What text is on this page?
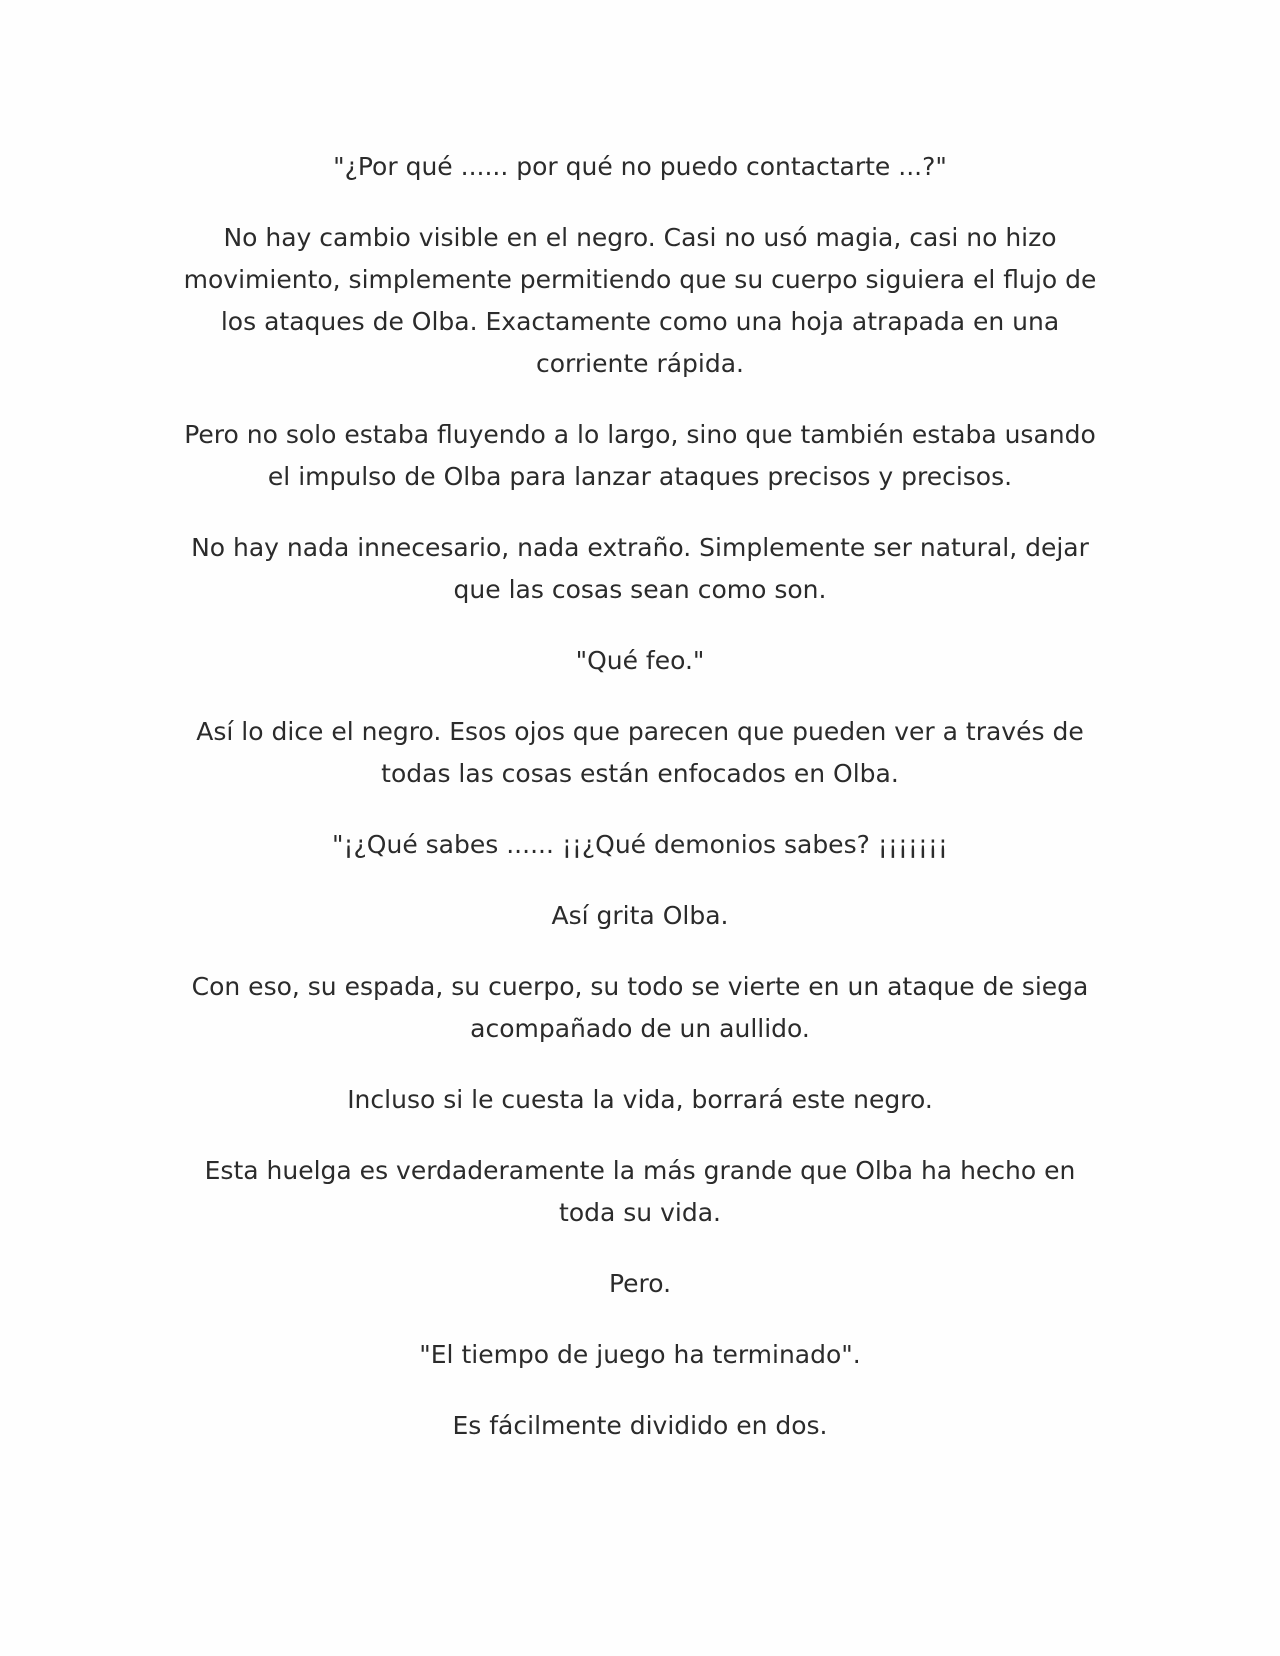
"¿Por qué ...... por qué no puedo contactarte ...?"

No hay cambio visible en el negro. Casi no usó magia, casi no hizo movimiento, simplemente permitiendo que su cuerpo siguiera el flujo de los ataques de Olba. Exactamente como una hoja atrapada en una corriente rápida.

Pero no solo estaba fluyendo a lo largo, sino que también estaba usando el impulso de Olba para lanzar ataques precisos y precisos.

No hay nada innecesario, nada extraño. Simplemente ser natural, dejar que las cosas sean como son.

"Qué feo."

Así lo dice el negro. Esos ojos que parecen que pueden ver a través de todas las cosas están enfocados en Olba.

"¡¿Qué sabes ...... ¡¡¿Qué demonios sabes? ¡¡¡¡¡¡¡

Así grita Olba.

Con eso, su espada, su cuerpo, su todo se vierte en un ataque de siega acompañado de un aullido.

Incluso si le cuesta la vida, borrará este negro.

Esta huelga es verdaderamente la más grande que Olba ha hecho en toda su vida.

Pero.

"El tiempo de juego ha terminado".

Es fácilmente dividido en dos.
